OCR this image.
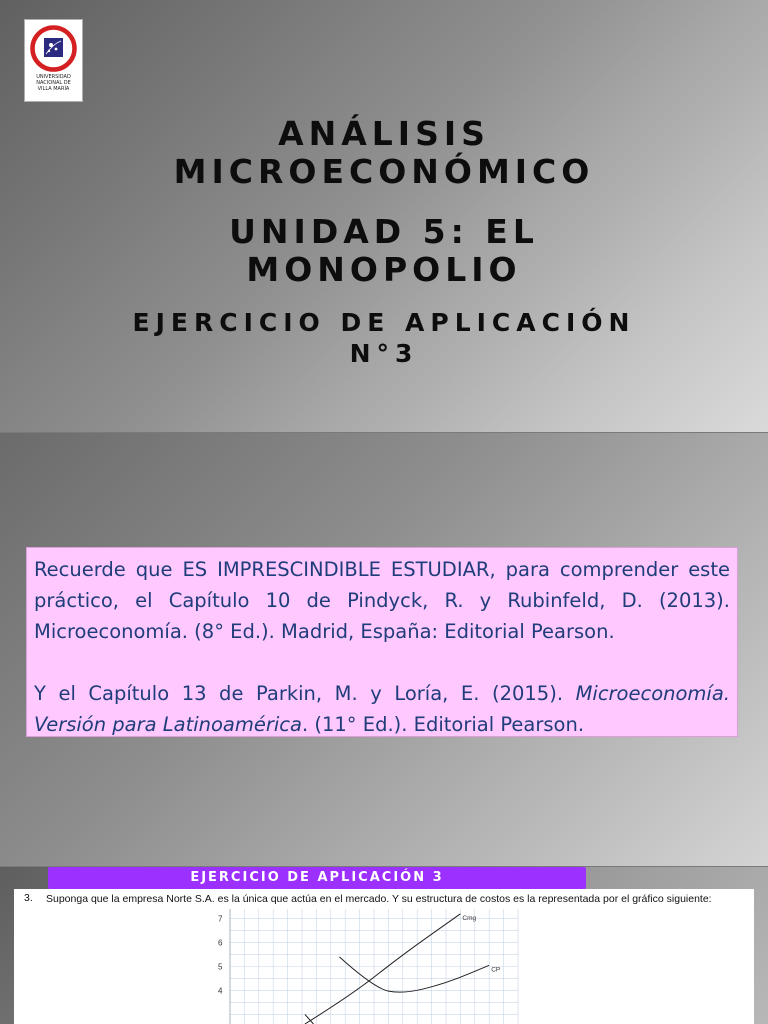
UNIVERSIDAD
NACIONAL DE
VILLA MARÍA
ANÁLISIS
MICROECONÓMICO
UNIDAD 5: EL
MONOPOLIO
EJERCICIO DE APLICACIÓN
N°3

Recuerde que ES IMPRESCINDIBLE ESTUDIAR, para comprender este práctico, el Capítulo 10 de Pindyck, R. y Rubinfeld, D. (2013). Microeconomía. (8° Ed.). Madrid, España: Editorial Pearson.

Y el Capítulo 13 de Parkin, M. y Loría, E. (2015). Microeconomía. Versión para Latinoamérica. (11° Ed.). Editorial Pearson.

3. Suponga que la empresa Norte S.A. es la única que actúa en el mercado. Y su estructura de costos es la representada por el gráfico siguiente:
7
6
5
4
Cmg
CP
EJERCICIO DE APLICACIÓN 3
